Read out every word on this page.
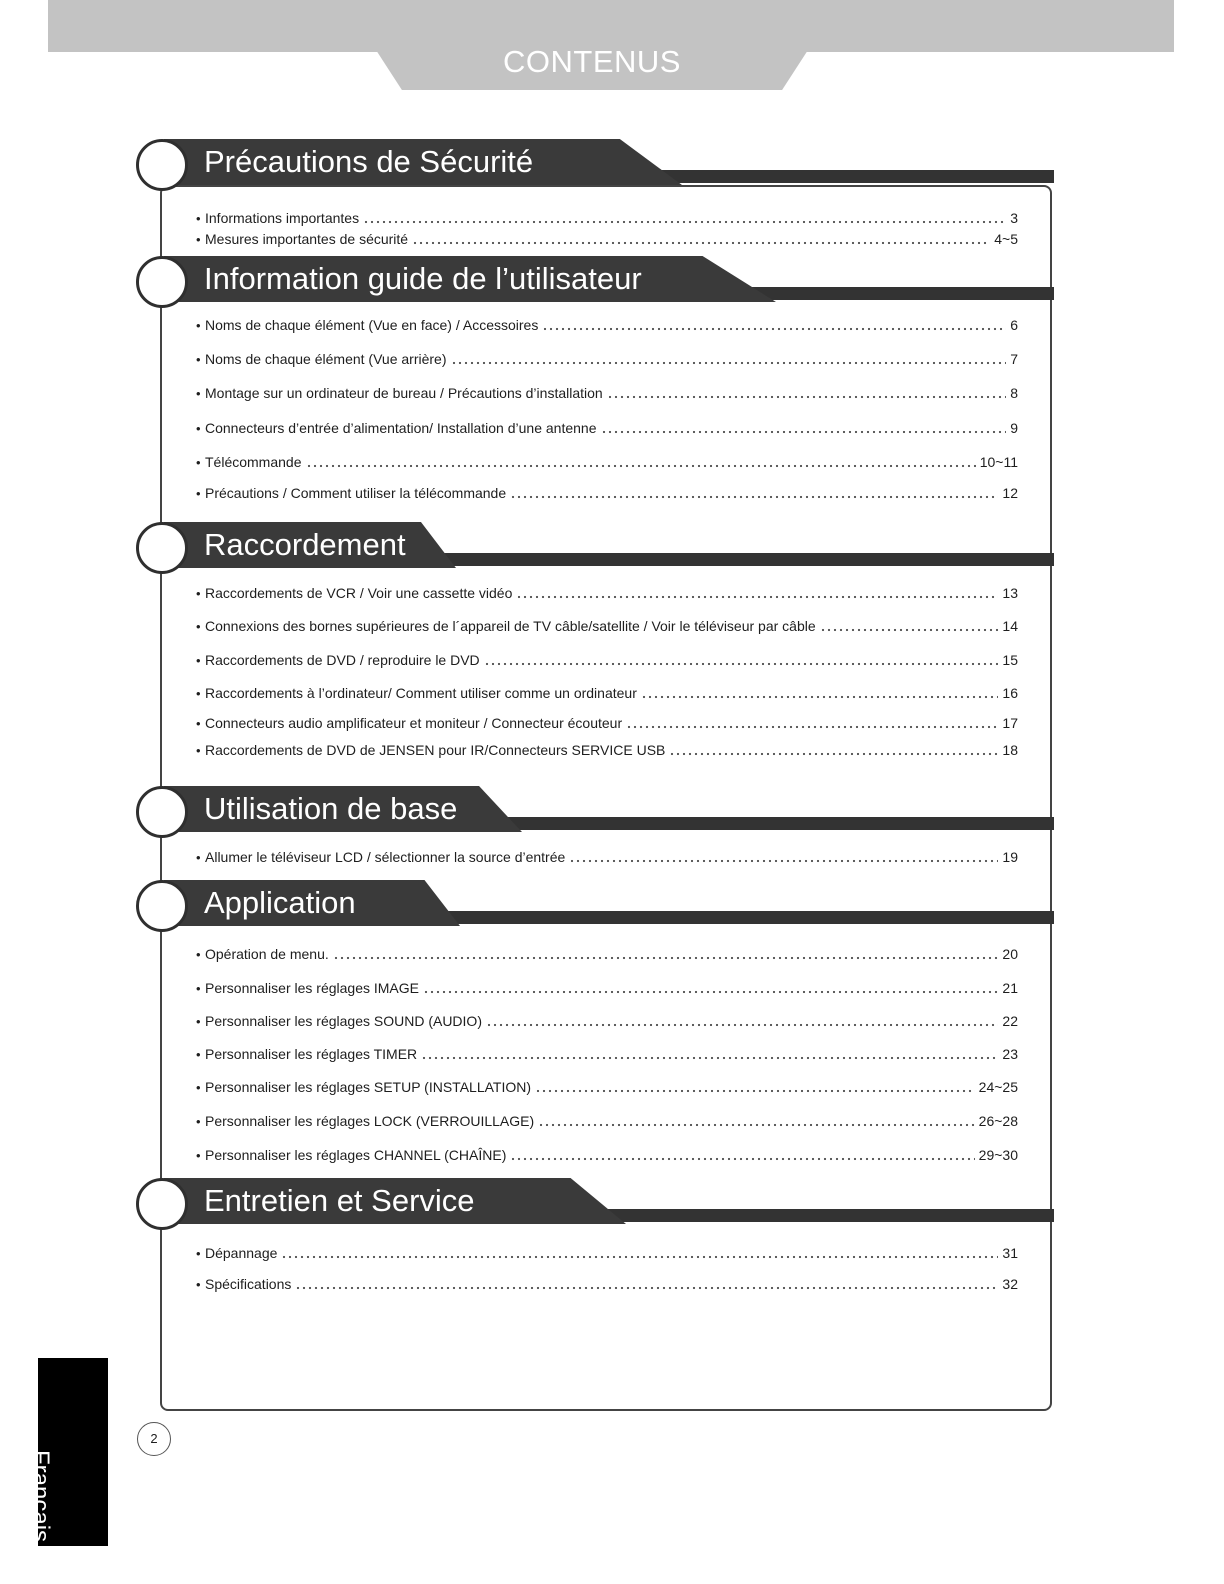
CONTENUS
Précautions de Sécurité
• Informations importantes	3
• Mesures importantes de sécurité	4~5
Information guide de l’utilisateur
• Noms de chaque élément (Vue en face) / Accessoires	6
• Noms de chaque élément (Vue arrière)	7
• Montage sur un ordinateur de bureau / Précautions d’installation	8
• Connecteurs d’entrée d’alimentation/ Installation d’une antenne	9
• Télécommande	10~11
• Précautions / Comment utiliser la télécommande	12
Raccordement
• Raccordements de VCR / Voir une cassette vidéo	13
• Connexions des bornes supérieures de l´appareil de TV câble/satellite / Voir le téléviseur par câble	14
• Raccordements de DVD / reproduire le DVD	15
• Raccordements à l’ordinateur/ Comment utiliser comme un ordinateur	16
• Connecteurs audio amplificateur et moniteur / Connecteur écouteur	17
• Raccordements de DVD de JENSEN pour IR/Connecteurs SERVICE USB	18
Utilisation de base
• Allumer le téléviseur LCD / sélectionner la source d’entrée	19
Application
• Opération de menu.	20
• Personnaliser les réglages IMAGE	21
• Personnaliser les réglages SOUND (AUDIO)	22
• Personnaliser les réglages TIMER	23
• Personnaliser les réglages SETUP (INSTALLATION)	24~25
• Personnaliser les réglages LOCK (VERROUILLAGE)	26~28
• Personnaliser les réglages CHANNEL (CHAÎNE)	29~30
Entretien et Service
• Dépannage	31
• Spécifications	32
2
Français
